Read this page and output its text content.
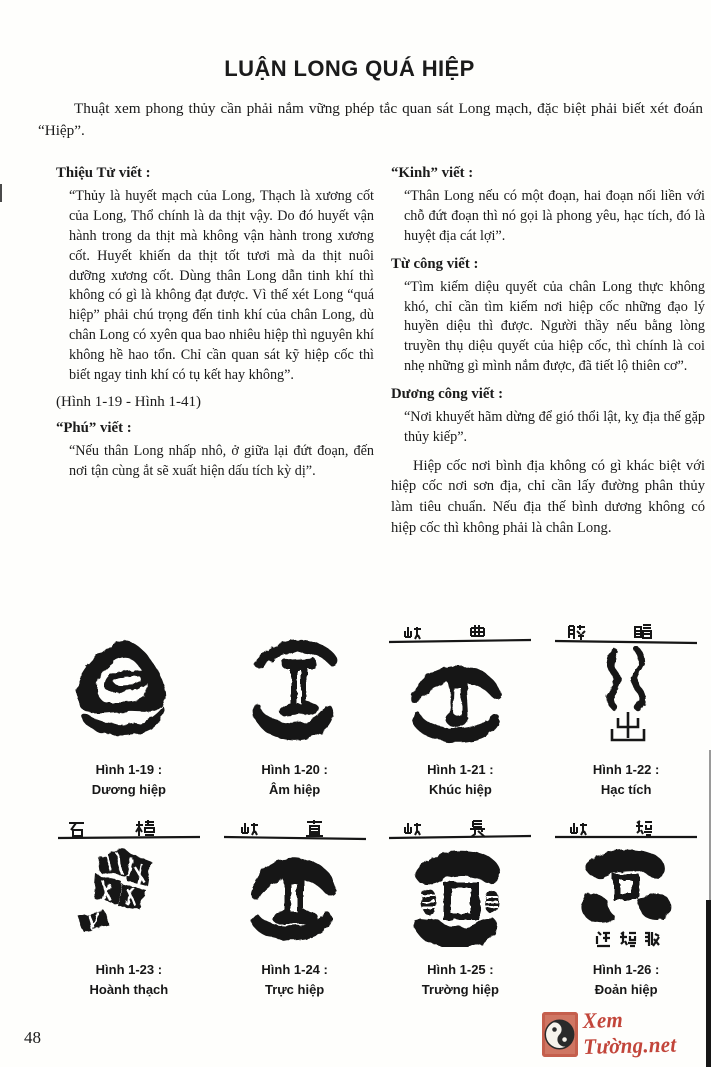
LUẬN LONG QUÁ HIỆP

Thuật xem phong thủy cần phải nắm vững phép tắc quan sát Long mạch, đặc biệt phải biết xét đoán “Hiệp”.

Thiệu Tử viết :

“Thủy là huyết mạch của Long, Thạch là xương cốt của Long, Thổ chính là da thịt vậy. Do đó huyết vận hành trong da thịt mà không vận hành trong xương cốt. Huyết khiến da thịt tốt tươi mà da thịt nuôi dưỡng xương cốt. Dùng thân Long dẫn tinh khí thì không có gì là không đạt được. Vì thế xét Long “quá hiệp” phải chú trọng đến tinh khí của chân Long, dù chân Long có xyên qua bao nhiêu hiệp thì nguyên khí không hề hao tổn. Chỉ cần quan sát kỹ hiệp cốc thì biết ngay tinh khí có tụ kết hay không”.

(Hình 1-19 - Hình 1-41)

“Phú” viết :

“Nếu thân Long nhấp nhô, ở giữa lại đứt đoạn, đến nơi tận cùng ắt sẽ xuất hiện dấu tích kỳ dị”.

“Kinh” viết :

“Thân Long nếu có một đoạn, hai đoạn nối liền với chỗ đứt đoạn thì nó gọi là phong yêu, hạc tích, đó là huyệt địa cát lợi”.

Từ công viết :

“Tìm kiếm diệu quyết của chân Long thực không khó, chỉ cần tìm kiếm nơi hiệp cốc những đạo lý huyền diệu thì được. Người thầy nếu bằng lòng truyền thụ diệu quyết của hiệp cốc, thì chính là coi nhẹ những gì mình nắm được, đã tiết lộ thiên cơ”.

Dương công viết :

“Nơi khuyết hãm dừng để gió thổi lật, kỵ địa thế gặp thủy kiếp”.

Hiệp cốc nơi bình địa không có gì khác biệt với hiệp cốc nơi sơn địa, chỉ cần lấy đường phân thủy làm tiêu chuẩn. Nếu địa thế bình dương không có hiệp cốc thì không phải là chân Long.

Hình 1-19 :
Dương hiệp
Hình 1-20 :
Âm hiệp
Hình 1-21 :
Khúc hiệp
Hình 1-22 :
Hạc tích
Hình 1-23 :
Hoành thạch
Hình 1-24 :
Trực hiệp
Hình 1-25 :
Trường hiệp
Hình 1-26 :
Đoản hiệp
48
Xem Tường.net
